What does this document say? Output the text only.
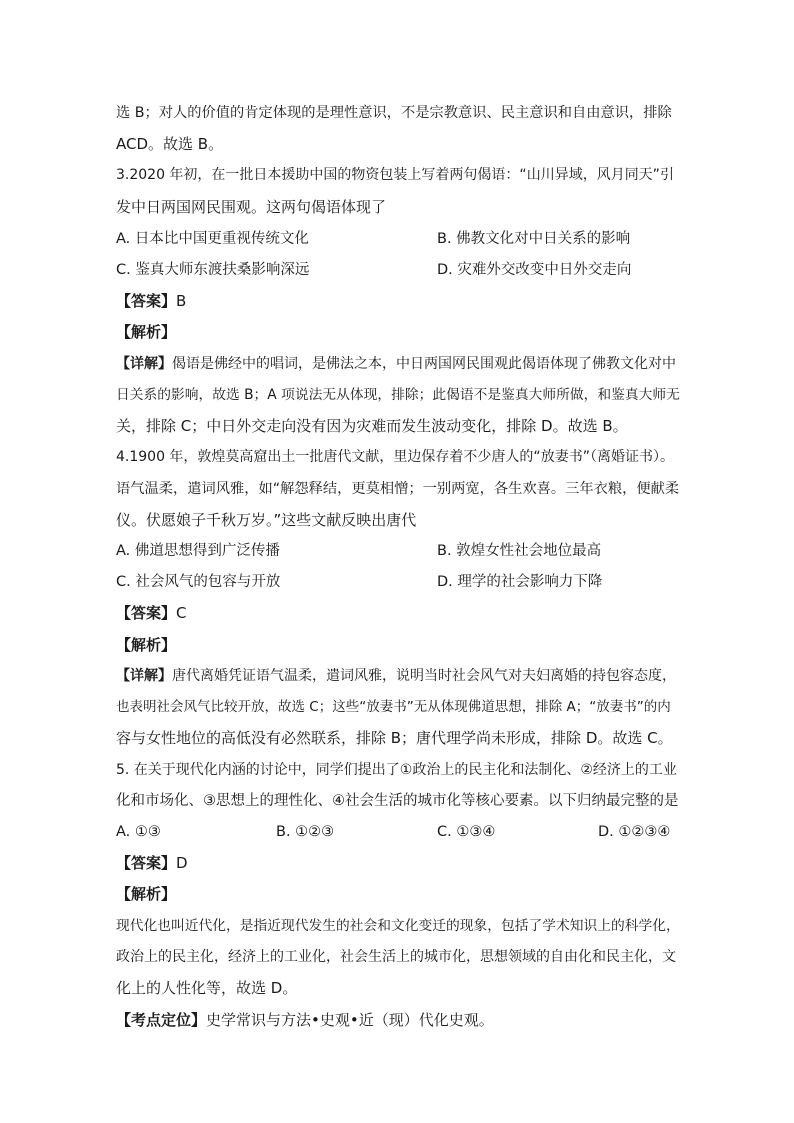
选 B；对人的价值的肯定体现的是理性意识，不是宗教意识、民主意识和自由意识，排除
ACD。故选 B。
3.2020 年初，在一批日本援助中国的物资包装上写着两句偈语：“山川异域，风月同天”引
发中日两国网民围观。这两句偈语体现了
A. 日本比中国更重视传统文化	B. 佛教文化对中日关系的影响
C. 鉴真大师东渡扶桑影响深远	D. 灾难外交改变中日外交走向
【答案】B
【解析】
【详解】偈语是佛经中的唱词，是佛法之本，中日两国网民围观此偈语体现了佛教文化对中
日关系的影响，故选 B；A 项说法无从体现，排除；此偈语不是鉴真大师所做，和鉴真大师无
关，排除 C；中日外交走向没有因为灾难而发生波动变化，排除 D。故选 B。
4.1900 年，敦煌莫高窟出土一批唐代文献，里边保存着不少唐人的“放妻书”（离婚证书）。
语气温柔，遣词风雅，如“解怨释结，更莫相憎；一别两宽，各生欢喜。三年衣粮，便献柔
仪。伏愿娘子千秋万岁。”这些文献反映出唐代
A. 佛道思想得到广泛传播	B. 敦煌女性社会地位最高
C. 社会风气的包容与开放	D. 理学的社会影响力下降
【答案】C
【解析】
【详解】唐代离婚凭证语气温柔，遣词风雅，说明当时社会风气对夫妇离婚的持包容态度，
也表明社会风气比较开放，故选 C；这些“放妻书”无从体现佛道思想，排除 A；“放妻书”的内
容与女性地位的高低没有必然联系，排除 B；唐代理学尚未形成，排除 D。故选 C。
5. 在关于现代化内涵的讨论中，同学们提出了①政治上的民主化和法制化、②经济上的工业
化和市场化、③思想上的理性化、④社会生活的城市化等核心要素。以下归纳最完整的是
A. ①③	B. ①②③	C. ①③④	D. ①②③④
【答案】D
【解析】
现代化也叫近代化，是指近现代发生的社会和文化变迁的现象，包括了学术知识上的科学化，
政治上的民主化，经济上的工业化，社会生活上的城市化，思想领域的自由化和民主化，文
化上的人性化等，故选 D。
【考点定位】史学常识与方法•史观•近（现）代化史观。
